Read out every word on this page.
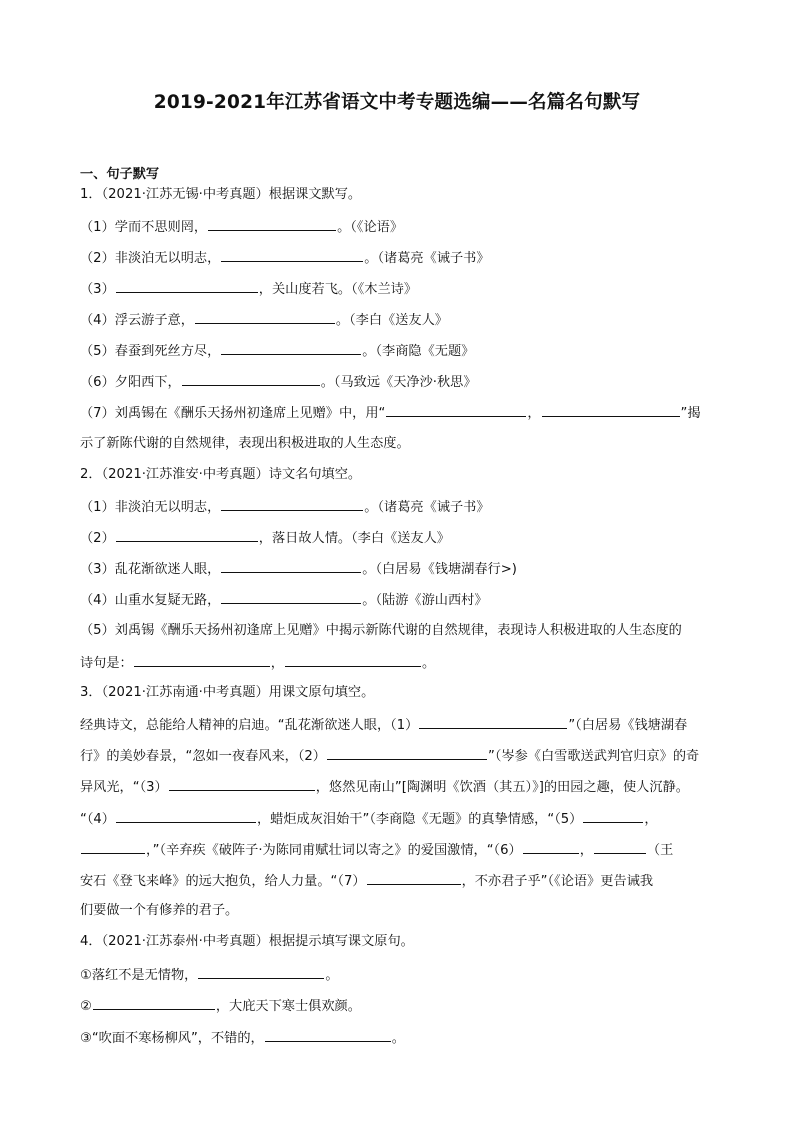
2019-2021年江苏省语文中考专题选编——名篇名句默写
一、句子默写
1．（2021·江苏无锡·中考真题）根据课文默写。
（1）学而不思则罔，	。（《论语》
（2）非淡泊无以明志，	。（诸葛亮《诫子书》
（3）	，关山度若飞。（《木兰诗》
（4）浮云游子意，	。（李白《送友人》
（5）春蚕到死丝方尽，	。（李商隐《无题》
（6）夕阳西下，	。（马致远《天净沙·秋思》
（7）刘禹锡在《酬乐天扬州初逢席上见赠》中，用“	，	”揭
示了新陈代谢的自然规律，表现出积极进取的人生态度。
2．（2021·江苏淮安·中考真题）诗文名句填空。
（1）非淡泊无以明志，	。（诸葛亮《诫子书》
（2）	，落日故人情。（李白《送友人》
（3）乱花渐欲迷人眼，	。（白居易《钱塘湖春行>)
（4）山重水复疑无路，	。（陆游《游山西村》
（5）刘禹锡《酬乐天扬州初逢席上见赠》中揭示新陈代谢的自然规律，表现诗人积极进取的人生态度的
诗句是：	，	。
3．（2021·江苏南通·中考真题）用课文原句填空。
经典诗文，总能给人精神的启迪。“乱花渐欲迷人眼，（1）	”（白居易《钱塘湖春
行》的美妙春景，“忽如一夜春风来，（2）	”（岑参《白雪歌送武判官归京》的奇
异风光，“（3）	，悠然见南山”[陶渊明《饮酒（其五）》]的田园之趣，使人沉静。
“（4）	，蜡炬成灰泪始干”（李商隐《无题》的真挚情感，“（5）	，
，”（辛弃疾《破阵子·为陈同甫赋壮词以寄之》的爱国激情，“（6）	，	（王
安石《登飞来峰》的远大抱负，给人力量。“（7）	，不亦君子乎”（《论语》更告诫我
们要做一个有修养的君子。
4．（2021·江苏泰州·中考真题）根据提示填写课文原句。
①落红不是无情物，	。
②	，大庇天下寒士俱欢颜。
③“吹面不寒杨柳风”，不错的，	。
